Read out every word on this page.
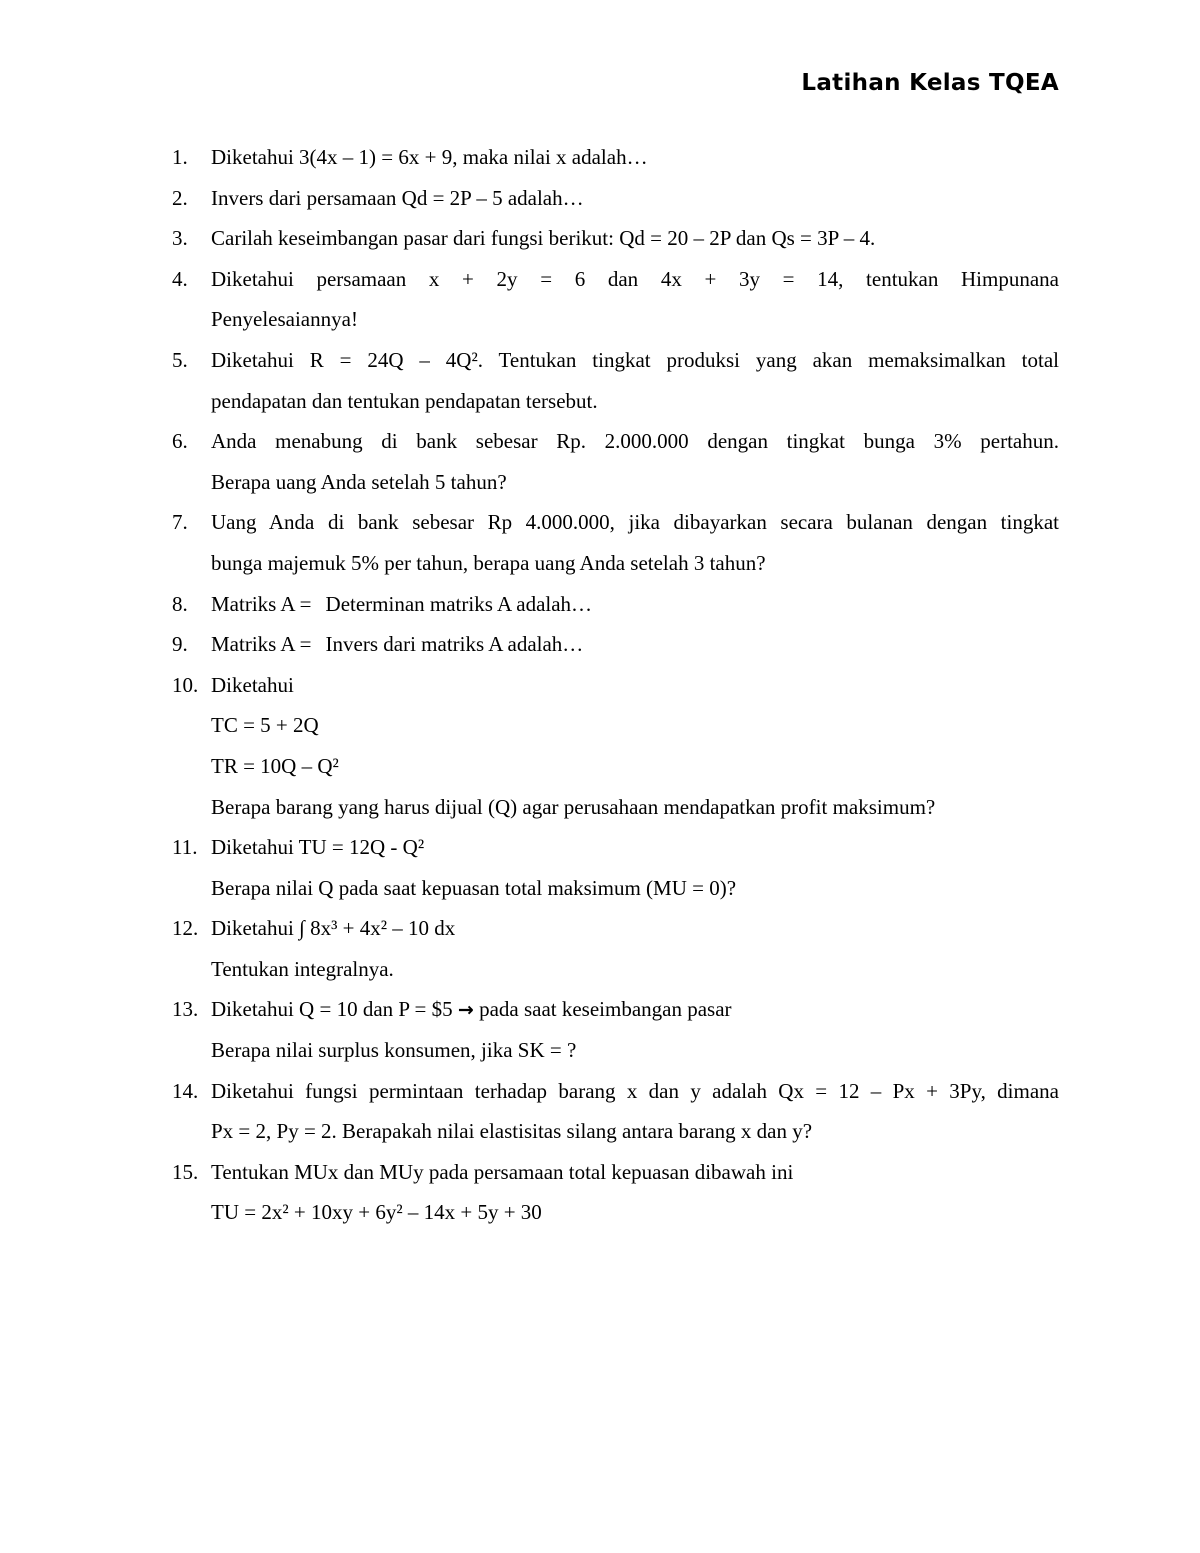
Latihan Kelas TQEA
1. Diketahui 3(4x – 1) = 6x + 9, maka nilai x adalah…
2. Invers dari persamaan Qd = 2P – 5 adalah…
3. Carilah keseimbangan pasar dari fungsi berikut: Qd = 20 – 2P dan Qs = 3P – 4.
4. Diketahui persamaan x + 2y = 6 dan 4x + 3y = 14, tentukan Himpunana
Penyelesaiannya!
5. Diketahui R = 24Q – 4Q². Tentukan tingkat produksi yang akan memaksimalkan total
pendapatan dan tentukan pendapatan tersebut.
6. Anda menabung di bank sebesar Rp. 2.000.000 dengan tingkat bunga 3% pertahun.
Berapa uang Anda setelah 5 tahun?
7. Uang Anda di bank sebesar Rp 4.000.000, jika dibayarkan secara bulanan dengan tingkat
bunga majemuk 5% per tahun, berapa uang Anda setelah 3 tahun?
8. Matriks A = Determinan matriks A adalah…
9. Matriks A = Invers dari matriks A adalah…
10. Diketahui
TC = 5 + 2Q
TR = 10Q – Q²
Berapa barang yang harus dijual (Q) agar perusahaan mendapatkan profit maksimum?
11. Diketahui TU = 12Q - Q²
Berapa nilai Q pada saat kepuasan total maksimum (MU = 0)?
12. Diketahui ∫ 8x³ + 4x² – 10 dx
Tentukan integralnya.
13. Diketahui Q = 10 dan P = $5 → pada saat keseimbangan pasar
Berapa nilai surplus konsumen, jika SK = ?
14. Diketahui fungsi permintaan terhadap barang x dan y adalah Qx = 12 – Px + 3Py, dimana
Px = 2, Py = 2. Berapakah nilai elastisitas silang antara barang x dan y?
15. Tentukan MUx dan MUy pada persamaan total kepuasan dibawah ini
TU = 2x² + 10xy + 6y² – 14x + 5y + 30
